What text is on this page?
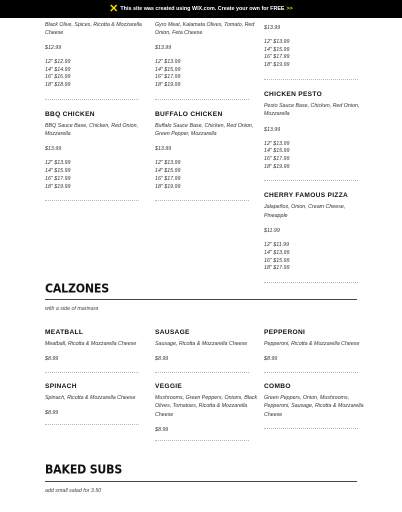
✕ This site was created using WIX.com. Create your own for FREE >>
Black Olive, Spices, Ricotta & Mozzarella Cheese
$12.99
12" $12.99
14" $14.99
16" $16.99
18" $18.99
BBQ CHICKEN
BBQ Sauce Base, Chicken, Red Onion, Mozzarella
$13.99
12" $13.99
14" $15.99
16" $17.99
18" $19.99
Gyro Meat, Kalamata Olives, Tomato, Red Onion, Feta Cheese
$13.99
12" $13.99
14" $15.99
16" $17.99
18" $19.99
BUFFALO CHICKEN
Buffalo Sauce Base, Chicken, Red Onion, Green Pepper, Mozzarella
$13.99
12" $13.99
14" $15.99
16" $17.99
18" $19.99
$13.99
12" $13.99
14" $15.99
16" $17.99
18" $19.99
CHICKEN PESTO
Pesto Sauce Base, Chicken, Red Onion, Mozzarella
$13.99
12" $13.99
14" $15.99
16" $17.99
18" $19.99
CHERRY FAMOUS PIZZA
Jalapeños, Onion, Cream Cheese, Pineapple
$11.99
12" $11.99
14" $13.99
16" $15.99
18" $17.99
CALZONES
with a side of marinara
MEATBALL
Meatball, Ricotta & Mozzarella Cheese
$8.99
SAUSAGE
Sausage, Ricotta & Mozzarella Cheese
$8.99
PEPPERONI
Pepperoni, Ricotta & Mozzarella Cheese
$8.99
SPINACH
Spinach, Ricotta & Mozzarella Cheese
$8.99
VEGGIE
Mushrooms, Green Peppers, Onions, Black Olives, Tomatoes, Ricotta & Mozzarella Cheese
$8.99
COMBO
Green Peppers, Onion, Mushrooms, Pepperoni, Sausage, Ricotta & Mozzarella Cheese
BAKED SUBS
add small salad for 3.50
